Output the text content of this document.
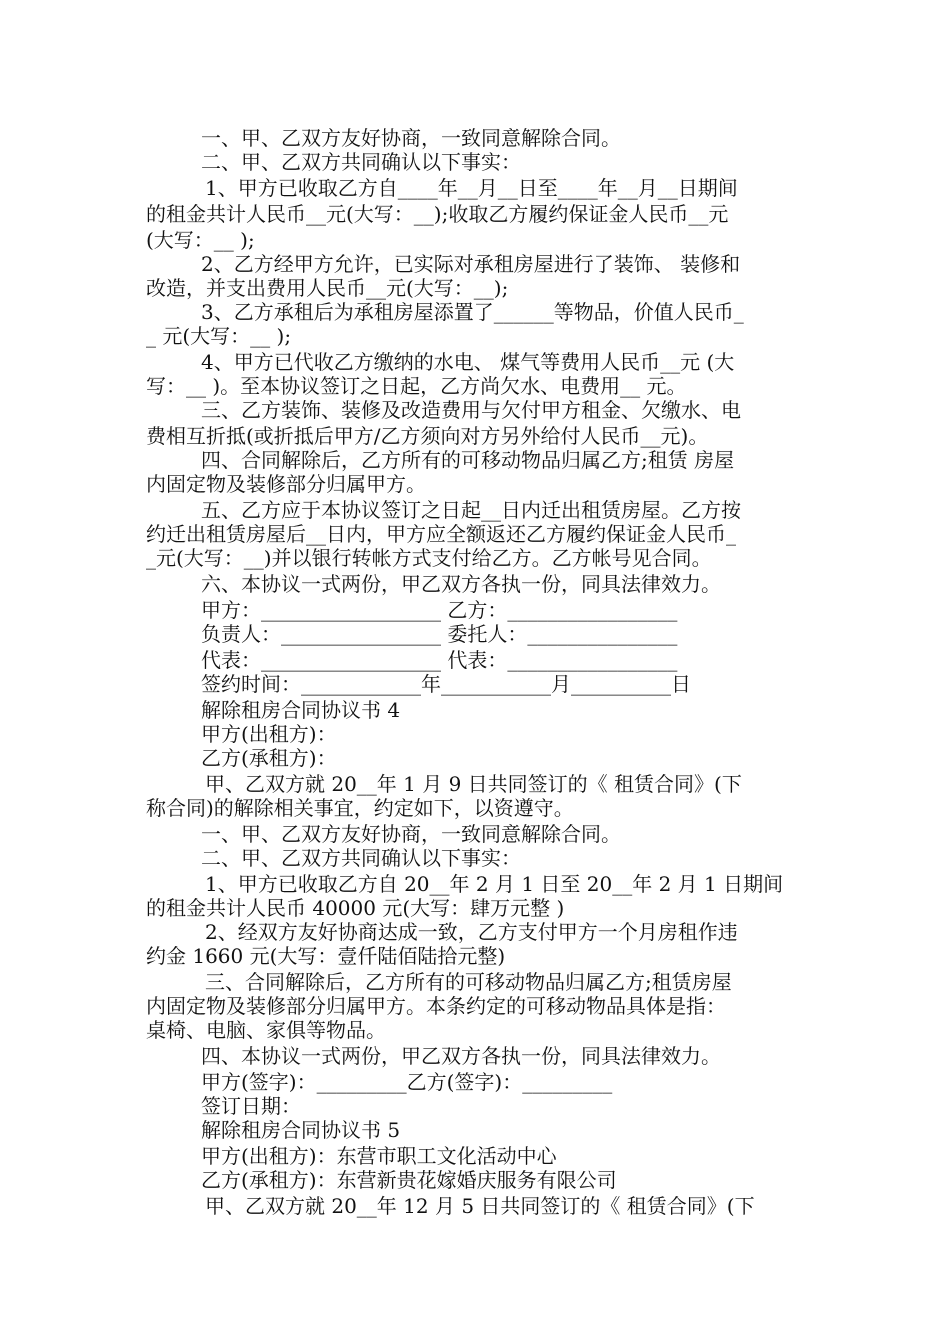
一、甲、乙双方友好协商，一致同意解除合同。
二、甲、乙双方共同确认以下事实：
1、甲方已收取乙方自____年__月__日至____年__月__日期间
的租金共计人民币__元(大写：__);收取乙方履约保证金人民币__元
(大写：__ );
2、乙方经甲方允许，已实际对承租房屋进行了装饰、 装修和
改造，并支出费用人民币__元(大写：__);
3、乙方承租后为承租房屋添置了______等物品，价值人民币_
_ 元(大写：__ );
4、甲方已代收乙方缴纳的水电、 煤气等费用人民币__元 (大
写：__ )。至本协议签订之日起，乙方尚欠水、电费用__ 元。
三、乙方装饰、装修及改造费用与欠付甲方租金、欠缴水、电
费相互折抵(或折抵后甲方/乙方须向对方另外给付人民币__元)。
四、合同解除后，乙方所有的可移动物品归属乙方;租赁 房屋
内固定物及装修部分归属甲方。
五、乙方应于本协议签订之日起__日内迁出租赁房屋。乙方按
约迁出租赁房屋后__日内，甲方应全额返还乙方履约保证金人民币_
_元(大写：__)并以银行转帐方式支付给乙方。乙方帐号见合同。
六、本协议一式两份，甲乙双方各执一份，同具法律效力。
甲方：__________________ 乙方：_________________
负责人：________________ 委托人：_______________
代表：__________________ 代表：_________________
签约时间：____________年___________月__________日
解除租房合同协议书 4
甲方(出租方)：
乙方(承租方)：
甲、乙双方就 20__年 1 月 9 日共同签订的《 租赁合同》(下
称合同)的解除相关事宜，约定如下，以资遵守。
一、甲、乙双方友好协商，一致同意解除合同。
二、甲、乙双方共同确认以下事实：
1、甲方已收取乙方自 20__年 2 月 1 日至 20__年 2 月 1 日期间
的租金共计人民币 40000 元(大写：肆万元整 )
2、经双方友好协商达成一致，乙方支付甲方一个月房租作违
约金 1660 元(大写：壹仟陆佰陆拾元整)
三、合同解除后，乙方所有的可移动物品归属乙方;租赁房屋
内固定物及装修部分归属甲方。本条约定的可移动物品具体是指：
桌椅、电脑、家俱等物品。
四、本协议一式两份，甲乙双方各执一份，同具法律效力。
甲方(签字)：_________乙方(签字)：_________
签订日期：
解除租房合同协议书 5
甲方(出租方)：东营市职工文化活动中心
乙方(承租方)：东营新贵花嫁婚庆服务有限公司
甲、乙双方就 20__年 12 月 5 日共同签订的《 租赁合同》(下
